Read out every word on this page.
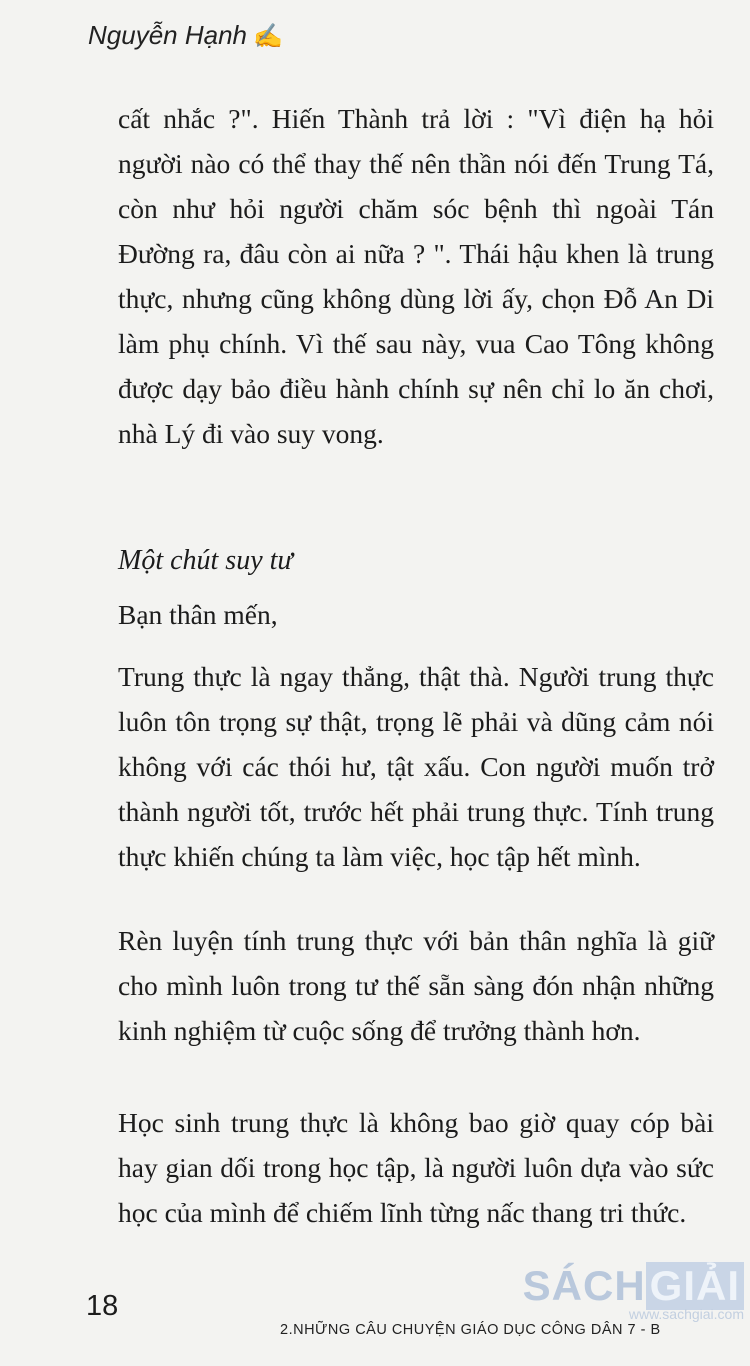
Nguyễn Hạnh ✍

cất nhắc ?". Hiến Thành trả lời : "Vì điện hạ hỏi người nào có thể thay thế nên thần nói đến Trung Tá, còn như hỏi người chăm sóc bệnh thì ngoài Tán Đường ra, đâu còn ai nữa ? ". Thái hậu khen là trung thực, nhưng cũng không dùng lời ấy, chọn Đỗ An Di làm phụ chính. Vì thế sau này, vua Cao Tông không được dạy bảo điều hành chính sự nên chỉ lo ăn chơi, nhà Lý đi vào suy vong.

Một chút suy tư

Bạn thân mến,

Trung thực là ngay thẳng, thật thà. Người trung thực luôn tôn trọng sự thật, trọng lẽ phải và dũng cảm nói không với các thói hư, tật xấu. Con người muốn trở thành người tốt, trước hết phải trung thực. Tính trung thực khiến chúng ta làm việc, học tập hết mình.

Rèn luyện tính trung thực với bản thân nghĩa là giữ cho mình luôn trong tư thế sẵn sàng đón nhận những kinh nghiệm từ cuộc sống để trưởng thành hơn.

Học sinh trung thực là không bao giờ quay cóp bài hay gian dối trong học tập, là người luôn dựa vào sức học của mình để chiếm lĩnh từng nấc thang tri thức.

18
2.NHỮNG CÂU CHUYỆN GIÁO DỤC CÔNG DÂN 7 - B
SÁCHGIẢI
www.sachgiai.com
